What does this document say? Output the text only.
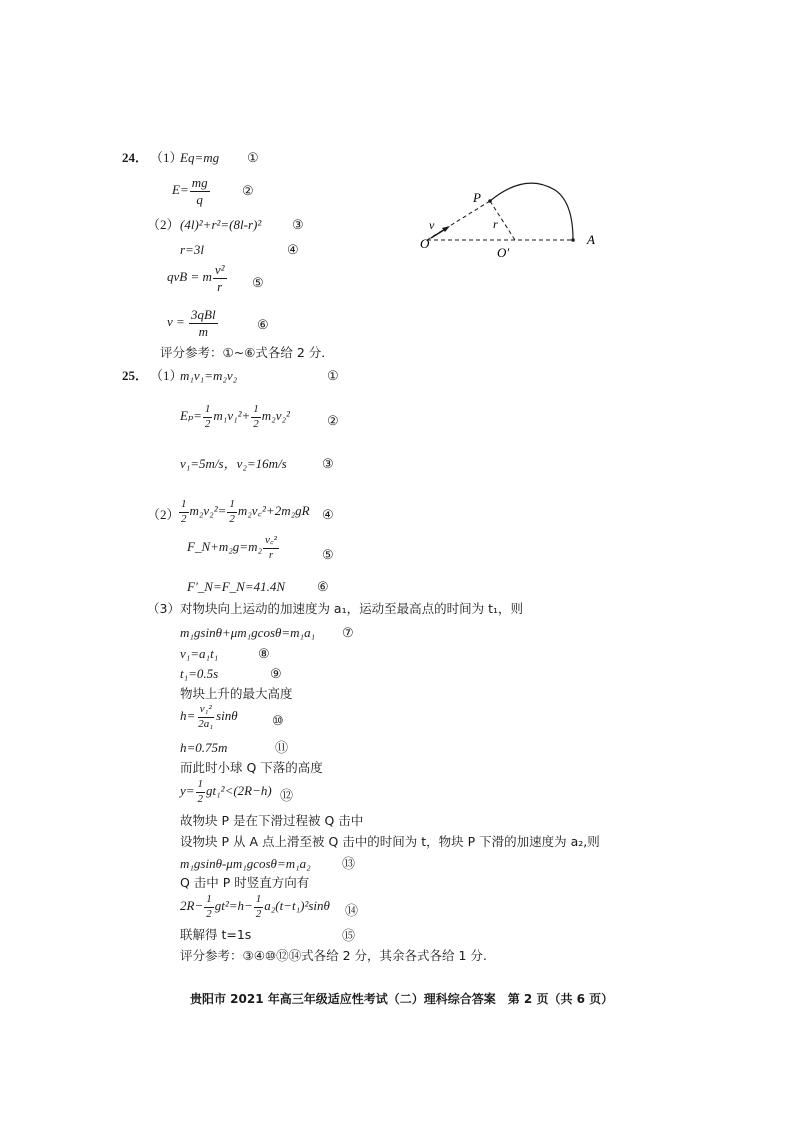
24． （1）
Eq=mg ①
$E= \frac{mg}{q}$ ②
（2） (4l)²+r²=(8l-r)² ③
r=3l	④
qvB = m $\frac{\text{v²}}{r}$ ⑤
$v = \frac{\text{3qBl}}{m}$	⑥
评分参考：①~⑥式各给 2 分．
P
v	r
O
O′
A
25． （1）
m₁v₁=m₂v₂	①
$E_p= \frac{1}{2} m_1v_1^2+ \frac{1}{2} m_2v_2^2$	②
v₁=5m/s，v₂=16m/s	③
$(2) \frac{1}{2} m_2v_2^2= \frac{1}{2}$ m₂v꜀²+2m₂gR ④
F_N+m₂g=m₂ $\frac{\text{v꜀²}}{r}$	⑤
F′_N=F_N=41.4N ⑥
（3）对物块向上运动的加速度为 a₁，运动至最高点的时间为 t₁，则
m₁gsinθ+μm₁gcosθ=m₁a₁ ⑦
v₁=a₁t₁	⑧
t₁=0.5s	⑨
物块上升的最大高度
$h= \frac{\text{v₁²}}{\text{2a₁}}$ sinθ	⑩
h=0.75m	⑪
而此时小球 Q 下落的高度
$y= \frac{1}{2} gt_1^2<(2R-h)$ ⑫
故物块 P 是在下滑过程被 Q 击中
设物块 P 从 A 点上滑至被 Q 击中的时间为 t，物块 P 下滑的加速度为 a₂,则
m₁gsinθ-μm₁gcosθ=m₁a₂ ⑬
Q 击中 P 时竖直方向有
$2R- \frac{1}{2} gt^2=h- \frac{1}{2} a_2(t-t_1)^2\sin\theta$ ⑭
联解得 t=1s	⑮
评分参考：③④⑩⑫⑭式各给 2 分，其余各式各给 1 分.
贵阳市 2021 年高三年级适应性考试（二）理科综合答案　第 2 页（共 6 页）
